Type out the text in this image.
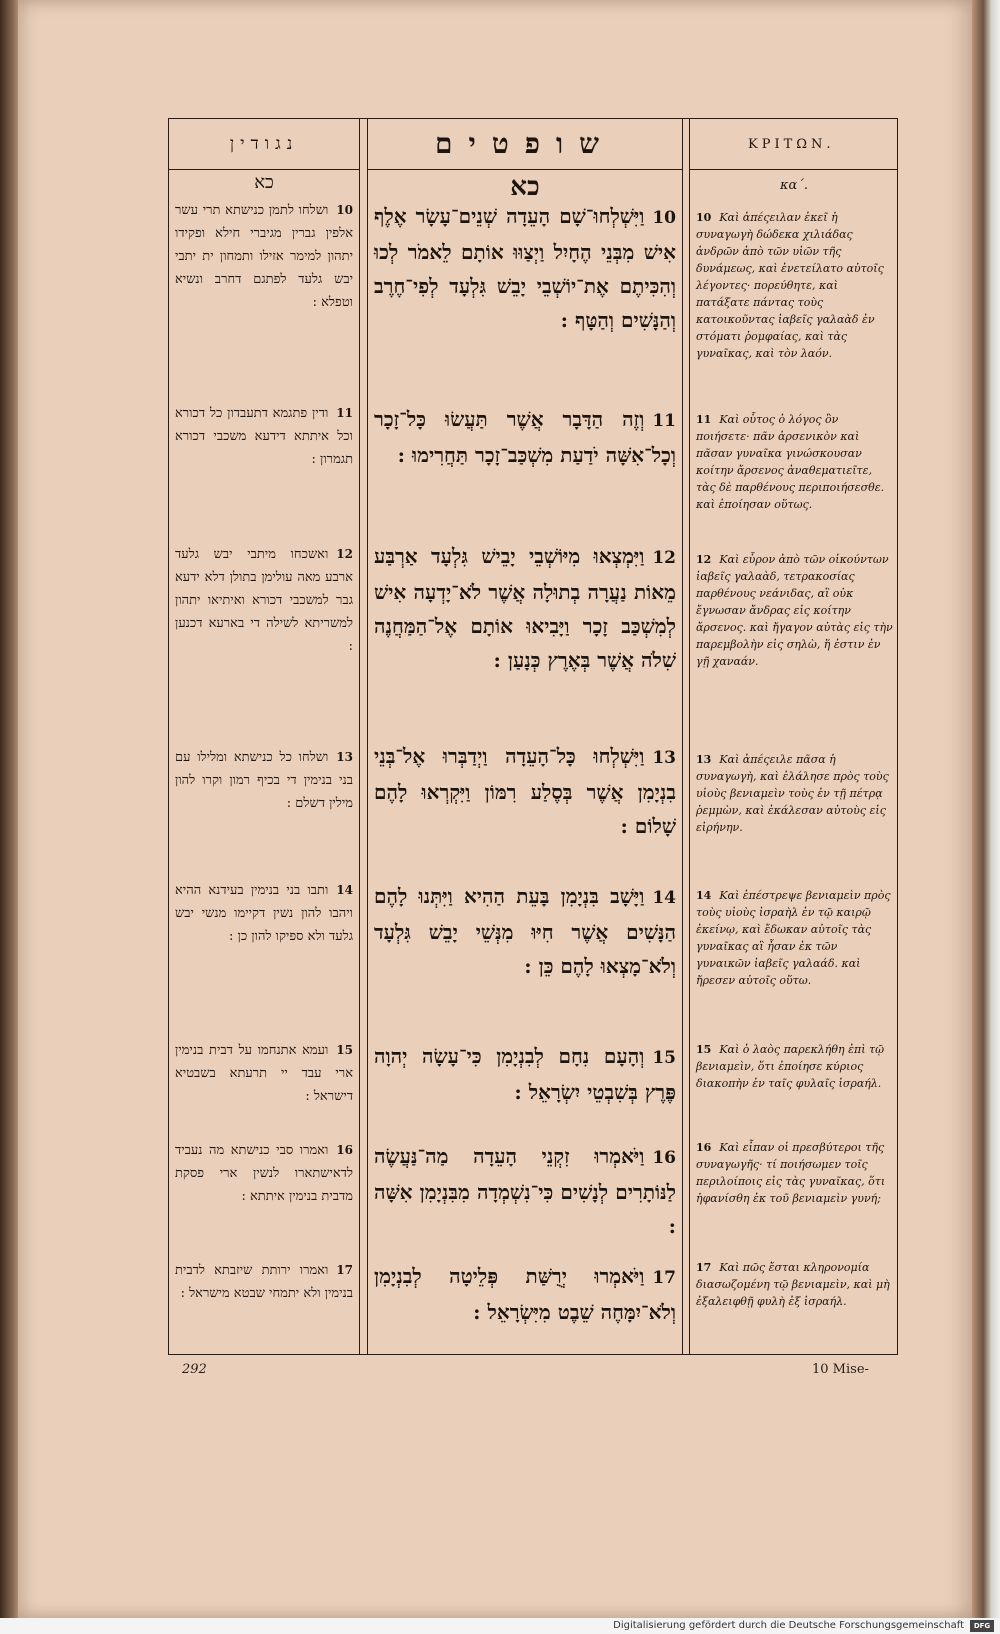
נגודין
כא
10ושלחו לתמן כנישתא תרי עשר אלפין גברין מגיברי חילא ופקידו יתהון למימר אזילו ותמחון ית יתבי יבש גלעד לפתגם דחרב ונשיא וטפלא :
11ודין פתגמא דתעבדון כל דכורא וכל איתתא דידעא משכבי דכורא תגמרון :
12ואשכחו מיתבי יבש גלעד ארבע מאה עולימן בתולן דלא ידעא גבר למשכבי דכורא ואיתיאו יתהון למשריתא לשילה די בארעא דכנען :
13ושלחו כל כנישתא ומלילו עם בני בנימין די בכיף רמון וקרו להון מילין דשלם :
14ותבו בני בנימין בעידנא ההיא ויהבו להון נשין דקיימו מנשי יבש גלעד ולא ספיקו להון כן :
15ועמא אתנחמו על דבית בנימין ארי עבד יי תרעתא בשבטיא דישראל :
16ואמרו סבי כנישתא מה נעביד לדאישתארו לנשין ארי פסקת מדבית בנימין איתתא :
17ואמרו ירותת שיזבתא לדבית בנימין ולא יתמחי שבטא מישראל :
שופטים
כא
10וַיִּשְׁלְחוּ־שָׁם הָעֵדָה שְׁנֵים־עָשָׂר אֶלֶף אִישׁ מִבְּנֵי הֶחָיִל וַיְצַוּוּ אוֹתָם לֵאמֹר לְכוּ וְהִכִּיתֶם אֶת־יוֹשְׁבֵי יָבֵשׁ גִּלְעָד לְפִי־חֶרֶב וְהַנָּשִׁים וְהַטָּף :
11וְזֶה הַדָּבָר אֲשֶׁר תַּעֲשׂוּ כָּל־זָכָר וְכָל־אִשָּׁה יֹדַעַת מִשְׁכַּב־זָכָר תַּחֲרִימוּ :
12וַיִּמְצְאוּ מִיּוֹשְׁבֵי יָבֵישׁ גִּלְעָד אַרְבַּע מֵאוֹת נַעֲרָה בְתוּלָה אֲשֶׁר לֹא־יָדְעָה אִישׁ לְמִשְׁכַּב זָכָר וַיָּבִיאוּ אוֹתָם אֶל־הַמַּחֲנֶה שִׁלֹה אֲשֶׁר בְּאֶרֶץ כְּנָעַן :
13וַיִּשְׁלְחוּ כָּל־הָעֵדָה וַיְדַבְּרוּ אֶל־בְּנֵי בִנְיָמִן אֲשֶׁר בְּסֶלַע רִמּוֹן וַיִּקְרְאוּ לָהֶם שָׁלוֹם :
14וַיָּשָׁב בִּנְיָמִן בָּעֵת הַהִיא וַיִּתְּנוּ לָהֶם הַנָּשִׁים אֲשֶׁר חִיּוּ מִנְּשֵׁי יָבֵשׁ גִּלְעָד וְלֹא־מָצְאוּ לָהֶם כֵּן :
15וְהָעָם נִחָם לְבִנְיָמִן כִּי־עָשָׂה יְהוָה פֶּרֶץ בְּשִׁבְטֵי יִשְׂרָאֵל :
16וַיֹּאמְרוּ זִקְנֵי הָעֵדָה מַה־נַּעֲשֶׂה לַנּוֹתָרִים לְנָשִׁים כִּי־נִשְׁמְדָה מִבִּנְיָמִן אִשָּׁה :
17וַיֹּאמְרוּ יְרֻשַּׁת פְּלֵיטָה לְבִנְיָמִן וְלֹא־יִמָּחֶה שֵׁבֶט מִיִּשְׂרָאֵל :
ΚΡΙΤΩΝ.
κα΄.
10 Καὶ ἀπέςειλαν ἐκεῖ ἡ συναγωγὴ δώδεκα χιλιάδας ἀνδρῶν ἀπὸ τῶν υἱῶν τῆς δυνάμεως, καὶ ἐνετείλατο αὐτοῖς λέγοντες· πορεύθητε, καὶ πατάξατε πάντας τοὺς κατοικοῦντας ἰαβεῖς γαλαὰδ ἐν στόματι ῥομφαίας, καὶ τὰς γυναῖκας, καὶ τὸν λαόν.
11 Καὶ οὗτος ὁ λόγος ὃν ποιήσετε· πᾶν ἀρσενικὸν καὶ πᾶσαν γυναῖκα γινώσκουσαν κοίτην ἄρσενος ἀναθεματιεῖτε, τὰς δὲ παρθένους περιποιήσεσθε. καὶ ἐποίησαν οὕτως.
12 Καὶ εὗρον ἀπὸ τῶν οἰκούντων ἰαβεῖς γαλαὰδ, τετρακοσίας παρθένους νεάνιδας, αἳ οὐκ ἔγνωσαν ἄνδρας εἰς κοίτην ἄρσενος. καὶ ἤγαγον αὐτὰς εἰς τὴν παρεμβολὴν εἰς σηλὼ, ἥ ἐστιν ἐν γῇ χαναάν.
13 Καὶ ἀπέςειλε πᾶσα ἡ συναγωγὴ, καὶ ἐλάλησε πρὸς τοὺς υἱοὺς βενιαμεὶν τοὺς ἐν τῇ πέτρᾳ ῥεμμὼν, καὶ ἐκάλεσαν αὐτοὺς εἰς εἰρήνην.
14 Καὶ ἐπέστρεψε βενιαμεὶν πρὸς τοὺς υἱοὺς ἰσραὴλ ἐν τῷ καιρῷ ἐκείνῳ, καὶ ἔδωκαν αὐτοῖς τὰς γυναῖκας αἳ ἦσαν ἐκ τῶν γυναικῶν ἰαβεῖς γαλαάδ. καὶ ἤρεσεν αὐτοῖς οὕτω.
15 Καὶ ὁ λαὸς παρεκλήθη ἐπὶ τῷ βενιαμεὶν, ὅτι ἐποίησε κύριος διακοπὴν ἐν ταῖς φυλαῖς ἰσραήλ.
16 Καὶ εἶπαν οἱ πρεσβύτεροι τῆς συναγωγῆς· τί ποιήσωμεν τοῖς περιλοίποις εἰς τὰς γυναῖκας, ὅτι ἠφανίσθη ἐκ τοῦ βενιαμεὶν γυνή;
17 Καὶ πῶς ἔσται κληρονομία διασωζομένη τῷ βενιαμεὶν, καὶ μὴ ἐξαλειφθῇ φυλὴ ἐξ ἰσραήλ.
292	10 Mise-
Digitalisierung gefördert durch die Deutsche Forschungsgemeinschaft	DFG
